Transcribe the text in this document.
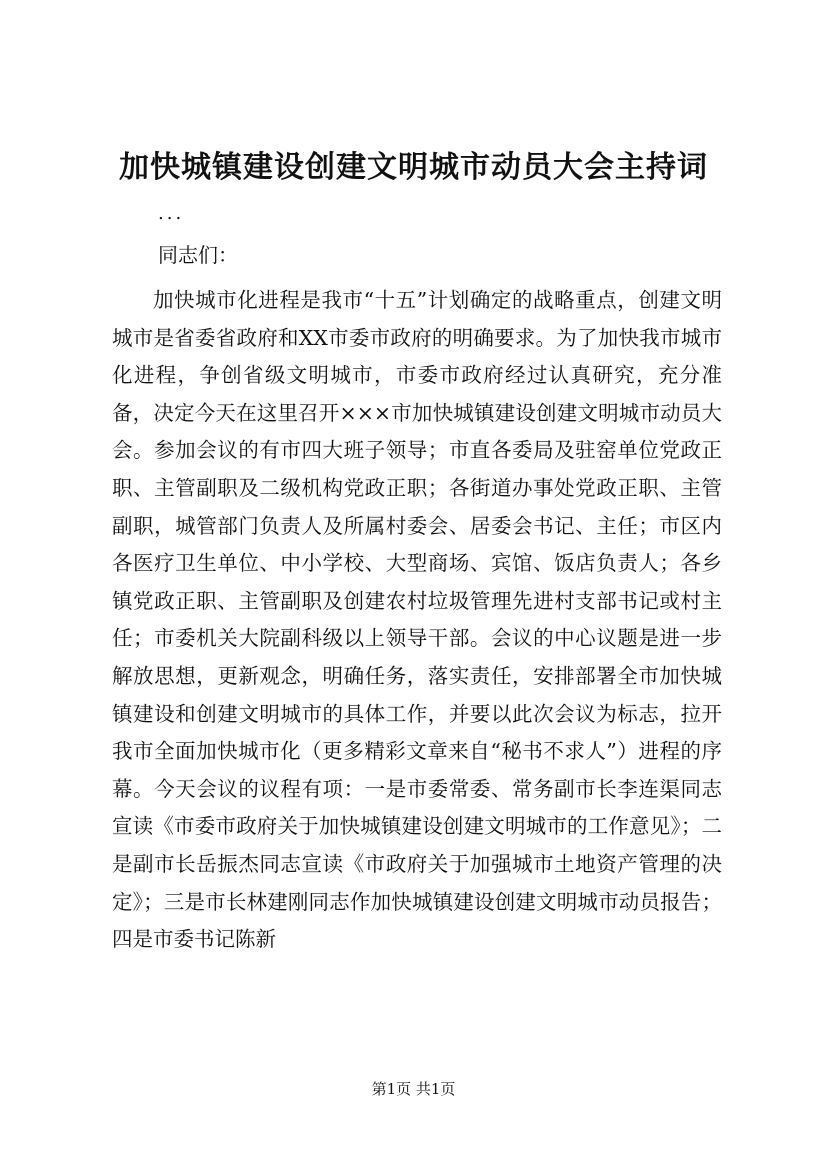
加快城镇建设创建文明城市动员大会主持词
...
同志们：

加快城市化进程是我市“十五”计划确定的战略重点，创建文明城市是省委省政府和XX市委市政府的明确要求。为了加快我市城市化进程，争创省级文明城市，市委市政府经过认真研究，充分准备，决定今天在这里召开×××市加快城镇建设创建文明城市动员大会。参加会议的有市四大班子领导；市直各委局及驻窑单位党政正职、主管副职及二级机构党政正职；各街道办事处党政正职、主管副职，城管部门负责人及所属村委会、居委会书记、主任；市区内各医疗卫生单位、中小学校、大型商场、宾馆、饭店负责人；各乡镇党政正职、主管副职及创建农村垃圾管理先进村支部书记或村主任；市委机关大院副科级以上领导干部。会议的中心议题是进一步解放思想，更新观念，明确任务，落实责任，安排部署全市加快城镇建设和创建文明城市的具体工作，并要以此次会议为标志，拉开我市全面加快城市化（更多精彩文章来自“秘书不求人”）进程的序幕。今天会议的议程有项：一是市委常委、常务副市长李连渠同志宣读《市委市政府关于加快城镇建设创建文明城市的工作意见》；二是副市长岳振杰同志宣读《市政府关于加强城市土地资产管理的决定》；三是市长林建刚同志作加快城镇建设创建文明城市动员报告；四是市委书记陈新

第1页 共1页
